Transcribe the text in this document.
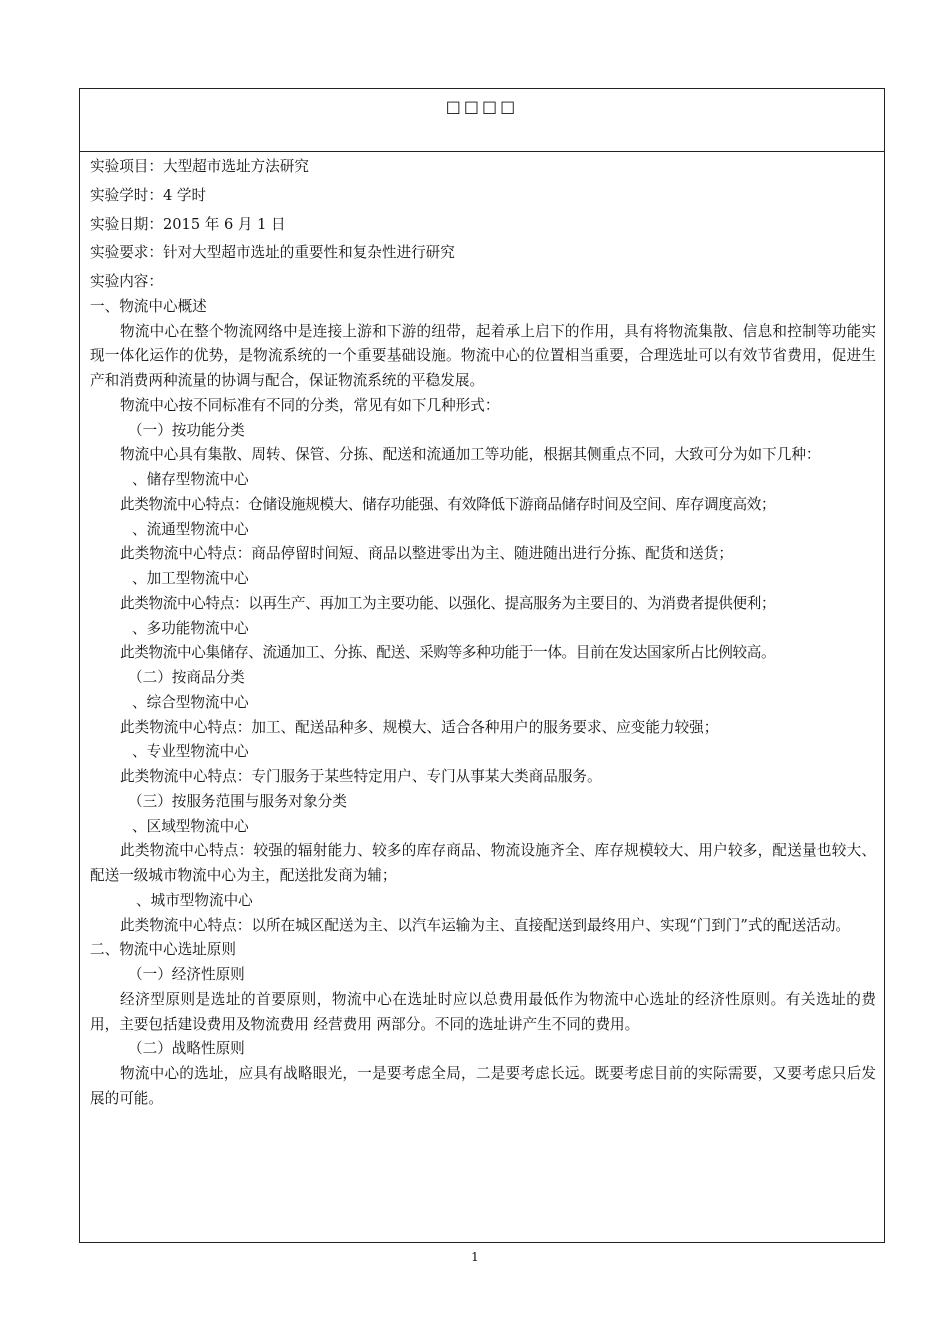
□□□□
实验项目：大型超市选址方法研究
实验学时：4 学时
实验日期：2015 年 6 月 1 日
实验要求：针对大型超市选址的重要性和复杂性进行研究
实验内容：
一、物流中心概述
物流中心在整个物流网络中是连接上游和下游的纽带，起着承上启下的作用，具有将物流集散、信息和控制等功能实现一体化运作的优势，是物流系统的一个重要基础设施。物流中心的位置相当重要，合理选址可以有效节省费用，促进生产和消费两种流量的协调与配合，保证物流系统的平稳发展。
物流中心按不同标准有不同的分类，常见有如下几种形式：
（一）按功能分类
物流中心具有集散、周转、保管、分拣、配送和流通加工等功能，根据其侧重点不同，大致可分为如下几种：
、储存型物流中心
此类物流中心特点：仓储设施规模大、储存功能强、有效降低下游商品储存时间及空间、库存调度高效；
、流通型物流中心
此类物流中心特点：商品停留时间短、商品以整进零出为主、随进随出进行分拣、配货和送货；
、加工型物流中心
此类物流中心特点：以再生产、再加工为主要功能、以强化、提高服务为主要目的、为消费者提供便利；
、多功能物流中心
此类物流中心集储存、流通加工、分拣、配送、采购等多种功能于一体。目前在发达国家所占比例较高。
（二）按商品分类
、综合型物流中心
此类物流中心特点：加工、配送品种多、规模大、适合各种用户的服务要求、应变能力较强；
、专业型物流中心
此类物流中心特点：专门服务于某些特定用户、专门从事某大类商品服务。
（三）按服务范围与服务对象分类
、区域型物流中心
此类物流中心特点：较强的辐射能力、较多的库存商品、物流设施齐全、库存规模较大、用户较多，配送量也较大、配送一级城市物流中心为主，配送批发商为辅；
、城市型物流中心
此类物流中心特点：以所在城区配送为主、以汽车运输为主、直接配送到最终用户、实现“门到门”式的配送活动。
二、物流中心选址原则
（一）经济性原则
经济型原则是选址的首要原则，物流中心在选址时应以总费用最低作为物流中心选址的经济性原则。有关选址的费用，主要包括建设费用及物流费用 经营费用 两部分。不同的选址讲产生不同的费用。
（二）战略性原则
物流中心的选址，应具有战略眼光，一是要考虑全局，二是要考虑长远。既要考虑目前的实际需要，又要考虑只后发展的可能。
1
